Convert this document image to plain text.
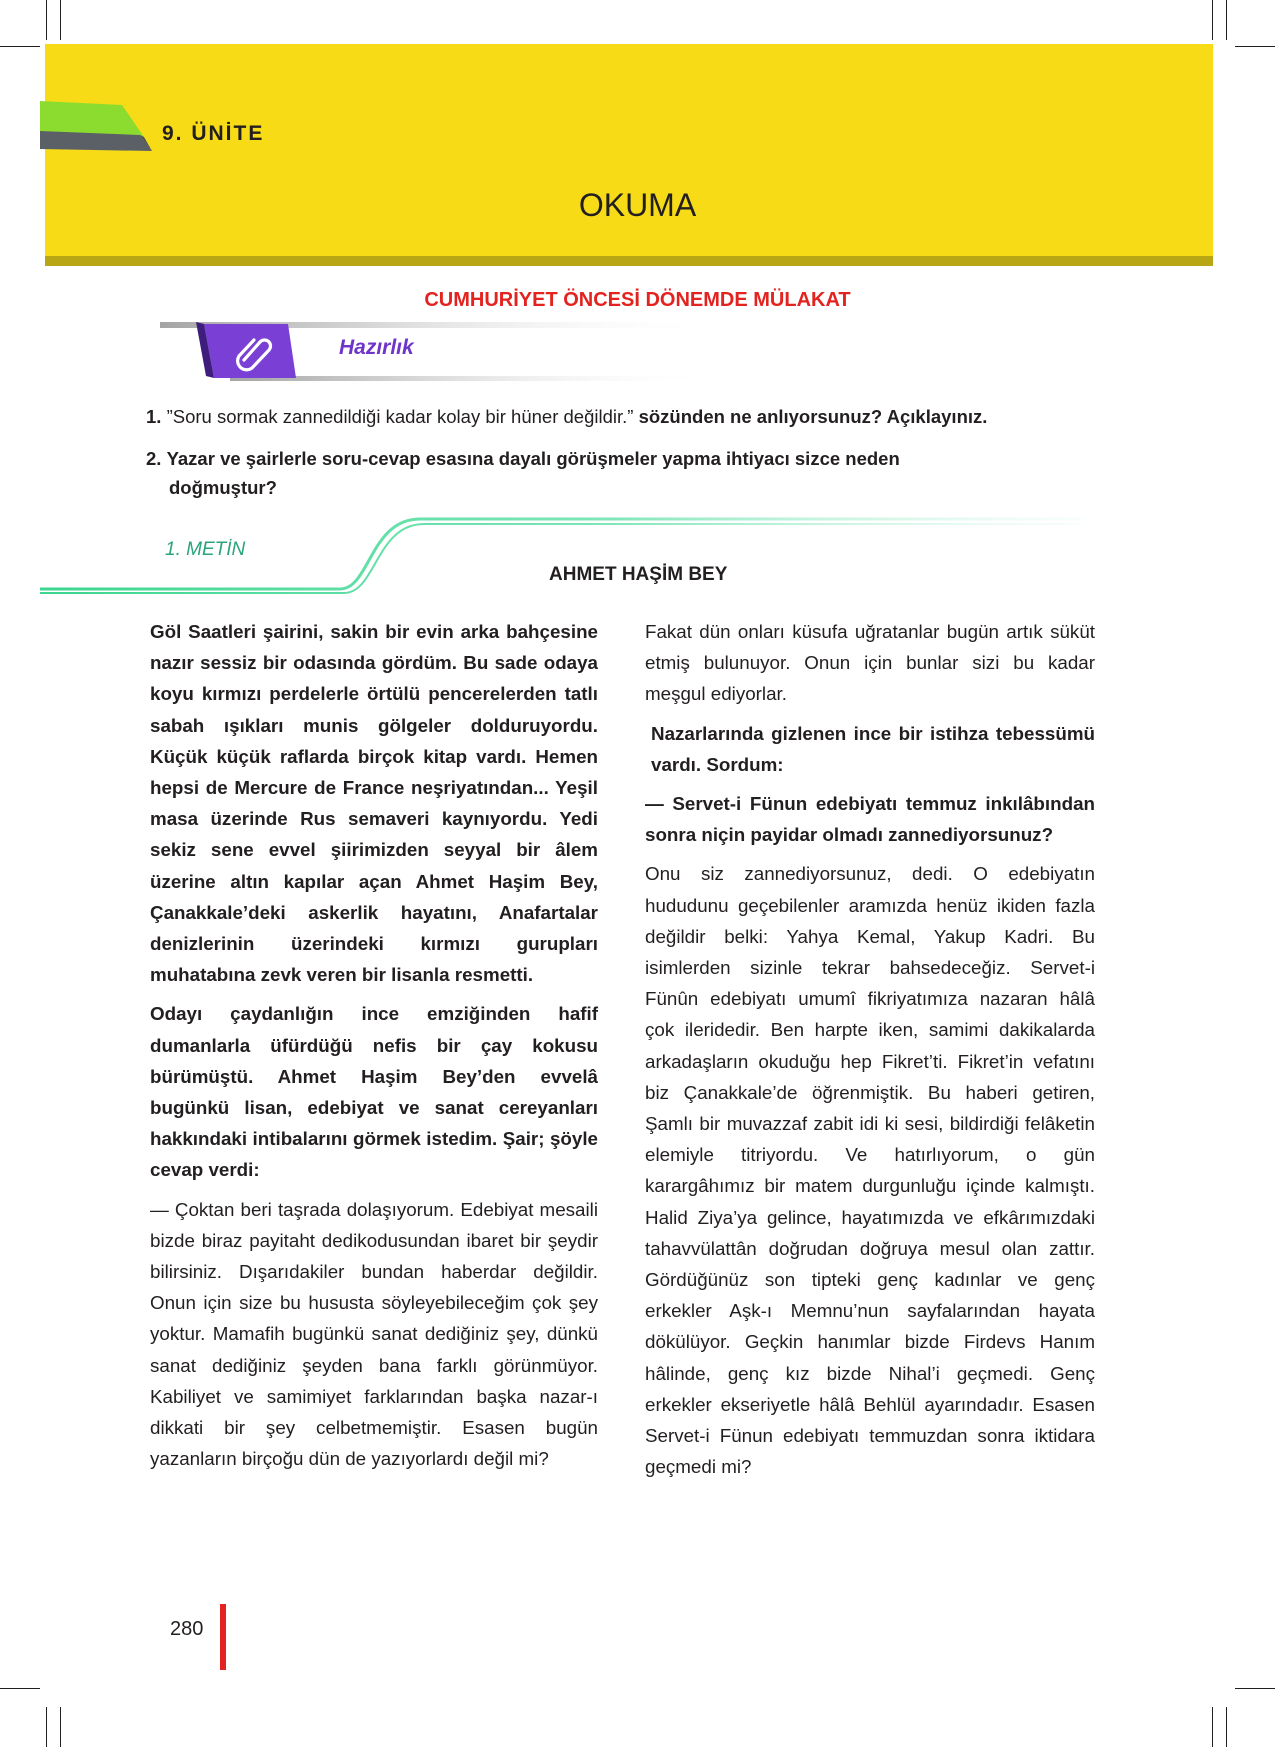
9. ÜNİTE
OKUMA
CUMHURİYET ÖNCESİ DÖNEMDE MÜLAKAT
Hazırlık
1. ”Soru sormak zannedildiği kadar kolay bir hüner değildir.” sözünden ne anlıyorsunuz? Açıklayınız.
2. Yazar ve şairlerle soru-cevap esasına dayalı görüşmeler yapma ihtiyacı sizce neden
doğmuştur?
1. METİN
AHMET HAŞİM BEY

Göl Saatleri şairini, sakin bir evin arka bahçesine nazır sessiz bir odasında gördüm. Bu sade odaya koyu kırmızı perdelerle örtülü pencerelerden tatlı sabah ışıkları munis gölgeler dolduruyordu. Küçük küçük raflarda birçok kitap vardı. Hemen hepsi de Mercure de France neşriyatından... Yeşil masa üzerinde Rus semaveri kaynıyordu. Yedi sekiz sene evvel şiirimizden seyyal bir âlem üzerine altın kapılar açan Ahmet Haşim Bey, Çanakkale’deki askerlik hayatını, Anafartalar denizlerinin üzerindeki kırmızı gurupları muhatabına zevk veren bir lisanla resmetti.

Odayı çaydanlığın ince emziğinden hafif dumanlarla üfürdüğü nefis bir çay kokusu bürümüştü. Ahmet Haşim Bey’den evvelâ bugünkü lisan, edebiyat ve sanat cereyanları hakkındaki intibalarını görmek istedim. Şair; şöyle cevap verdi:

— Çoktan beri taşrada dolaşıyorum. Edebiyat mesaili bizde biraz payitaht dedikodusundan ibaret bir şeydir bilirsiniz. Dışarıdakiler bundan haberdar değildir. Onun için size bu hususta söyleyebileceğim çok şey yoktur. Mamafih bugünkü sanat dediğiniz şey, dünkü sanat dediğiniz şeyden bana farklı görünmüyor. Kabiliyet ve samimiyet farklarından başka nazar-ı dikkati bir şey celbetmemiştir. Esasen bugün yazanların birçoğu dün de yazıyorlardı değil mi?

Fakat dün onları küsufa uğratanlar bugün artık süküt etmiş bulunuyor. Onun için bunlar sizi bu kadar meşgul ediyorlar.

Nazarlarında gizlenen ince bir istihza tebessümü vardı. Sordum:

— Servet-i Fünun edebiyatı temmuz inkılâbından sonra niçin payidar olmadı zannediyorsunuz?

Onu siz zannediyorsunuz, dedi. O edebiyatın hududunu geçebilenler aramızda henüz ikiden fazla değildir belki: Yahya Kemal, Yakup Kadri. Bu isimlerden sizinle tekrar bahsedeceğiz. Servet-i Fünûn edebiyatı umumî fikriyatımıza nazaran hâlâ çok ileridedir. Ben harpte iken, samimi dakikalarda arkadaşların okuduğu hep Fikret’ti. Fikret’in vefatını biz Çanakkale’de öğrenmiştik. Bu haberi getiren, Şamlı bir muvazzaf zabit idi ki sesi, bildirdiği felâketin elemiyle titriyordu. Ve hatırlıyorum, o gün karargâhımız bir matem durgunluğu içinde kalmıştı. Halid Ziya’ya gelince, hayatımızda ve efkârımızdaki tahavvülattân doğrudan doğruya mesul olan zattır. Gördüğünüz son tipteki genç kadınlar ve genç erkekler Aşk-ı Memnu’nun sayfalarından hayata dökülüyor. Geçkin hanımlar bizde Firdevs Hanım hâlinde, genç kız bizde Nihal’i geçmedi. Genç erkekler ekseriyetle hâlâ Behlül ayarındadır. Esasen Servet-i Fünun edebiyatı temmuzdan sonra iktidara geçmedi mi?

280
